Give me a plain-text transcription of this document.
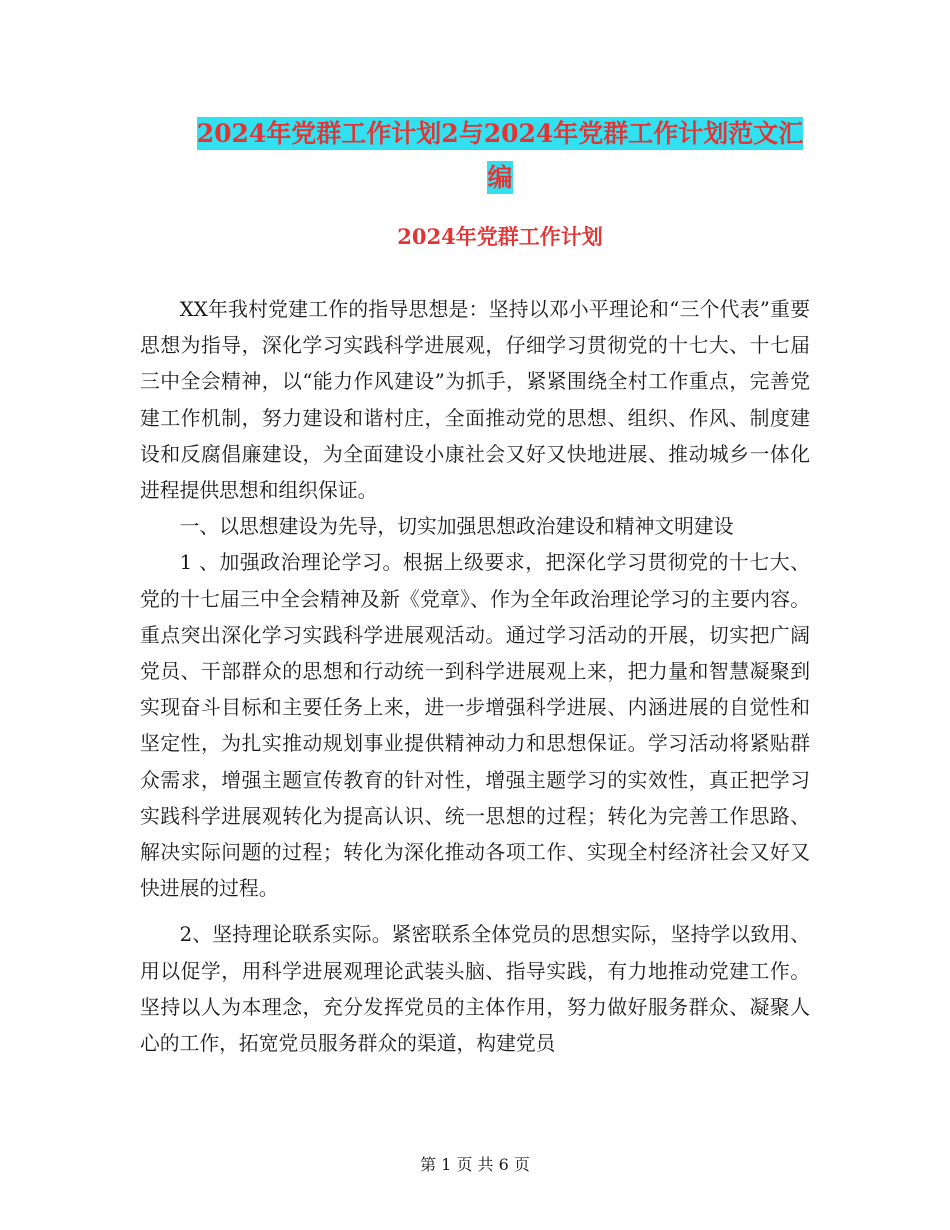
2024年党群工作计划2与2024年党群工作计划范文汇
编
2024年党群工作计划

XX年我村党建工作的指导思想是：坚持以邓小平理论和“三个代表”重要思想为指导，深化学习实践科学进展观，仔细学习贯彻党的十七大、十七届三中全会精神，以“能力作风建设”为抓手，紧紧围绕全村工作重点，完善党建工作机制，努力建设和谐村庄，全面推动党的思想、组织、作风、制度建设和反腐倡廉建设，为全面建设小康社会又好又快地进展、推动城乡一体化进程提供思想和组织保证。

一、以思想建设为先导，切实加强思想政治建设和精神文明建设

1 、加强政治理论学习。根据上级要求，把深化学习贯彻党的十七大、党的十七届三中全会精神及新《党章》、作为全年政治理论学习的主要内容。重点突出深化学习实践科学进展观活动。通过学习活动的开展，切实把广阔党员、干部群众的思想和行动统一到科学进展观上来，把力量和智慧凝聚到实现奋斗目标和主要任务上来，进一步增强科学进展、内涵进展的自觉性和坚定性，为扎实推动规划事业提供精神动力和思想保证。学习活动将紧贴群众需求，增强主题宣传教育的针对性，增强主题学习的实效性，真正把学习实践科学进展观转化为提高认识、统一思想的过程；转化为完善工作思路、解决实际问题的过程；转化为深化推动各项工作、实现全村经济社会又好又快进展的过程。

2、坚持理论联系实际。紧密联系全体党员的思想实际，坚持学以致用、用以促学，用科学进展观理论武装头脑、指导实践，有力地推动党建工作。坚持以人为本理念，充分发挥党员的主体作用，努力做好服务群众、凝聚人心的工作，拓宽党员服务群众的渠道，构建党员

第 1 页 共 6 页
